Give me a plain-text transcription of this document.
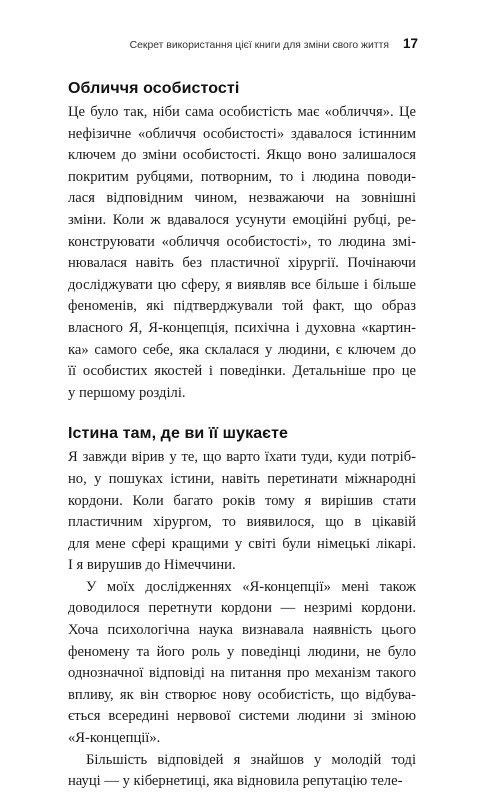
Секрет використання цієї книги для зміни свого життя 17
Обличчя особистості

Це було так, ніби сама особистість має «обличчя». Це
нефізичне «обличчя особистості» здавалося істинним
ключем до зміни особистості. Якщо воно залишалося
покритим рубцями, потворним, то і людина поводи-
лася відповідним чином, незважаючи на зовнішні
зміни. Коли ж вдавалося усунути емоційні рубці, ре-
конструювати «обличчя особистості», то людина змі-
нювалася навіть без пластичної хірургії. Почінаючи
досліджувати цю сферу, я виявляв все більше і більше
феноменів, які підтверджували той факт, що образ
власного Я, Я-концепція, психічна і духовна «картин-
ка» самого себе, яка склалася у людини, є ключем до
її особистих якостей і поведінки. Детальніше про це
у першому розділі.

Істина там, де ви її шукаєте

Я завжди вірив у те, що варто їхати туди, куди потріб-
но, у пошуках істини, навіть перетинати міжнародні
кордони. Коли багато років тому я вирішив стати
пластичним хірургом, то виявилося, що в цікавій
для мене сфері кращими у світі були німецькі лікарі.
І я вирушив до Німеччини.

У моїх дослідженнях «Я-концепції» мені також
доводилося перетнути кордони — незримі кордони.
Хоча психологічна наука визнавала наявність цього
феномену та його роль у поведінці людини, не було
однозначної відповіді на питання про механізм такого
впливу, як він створює нову особистість, що відбува-
ється всередині нервової системи людини зі зміною
«Я-концепції».

Більшість відповідей я знайшов у молодій тоді
науці — у кібернетиці, яка відновила репутацію теле-
